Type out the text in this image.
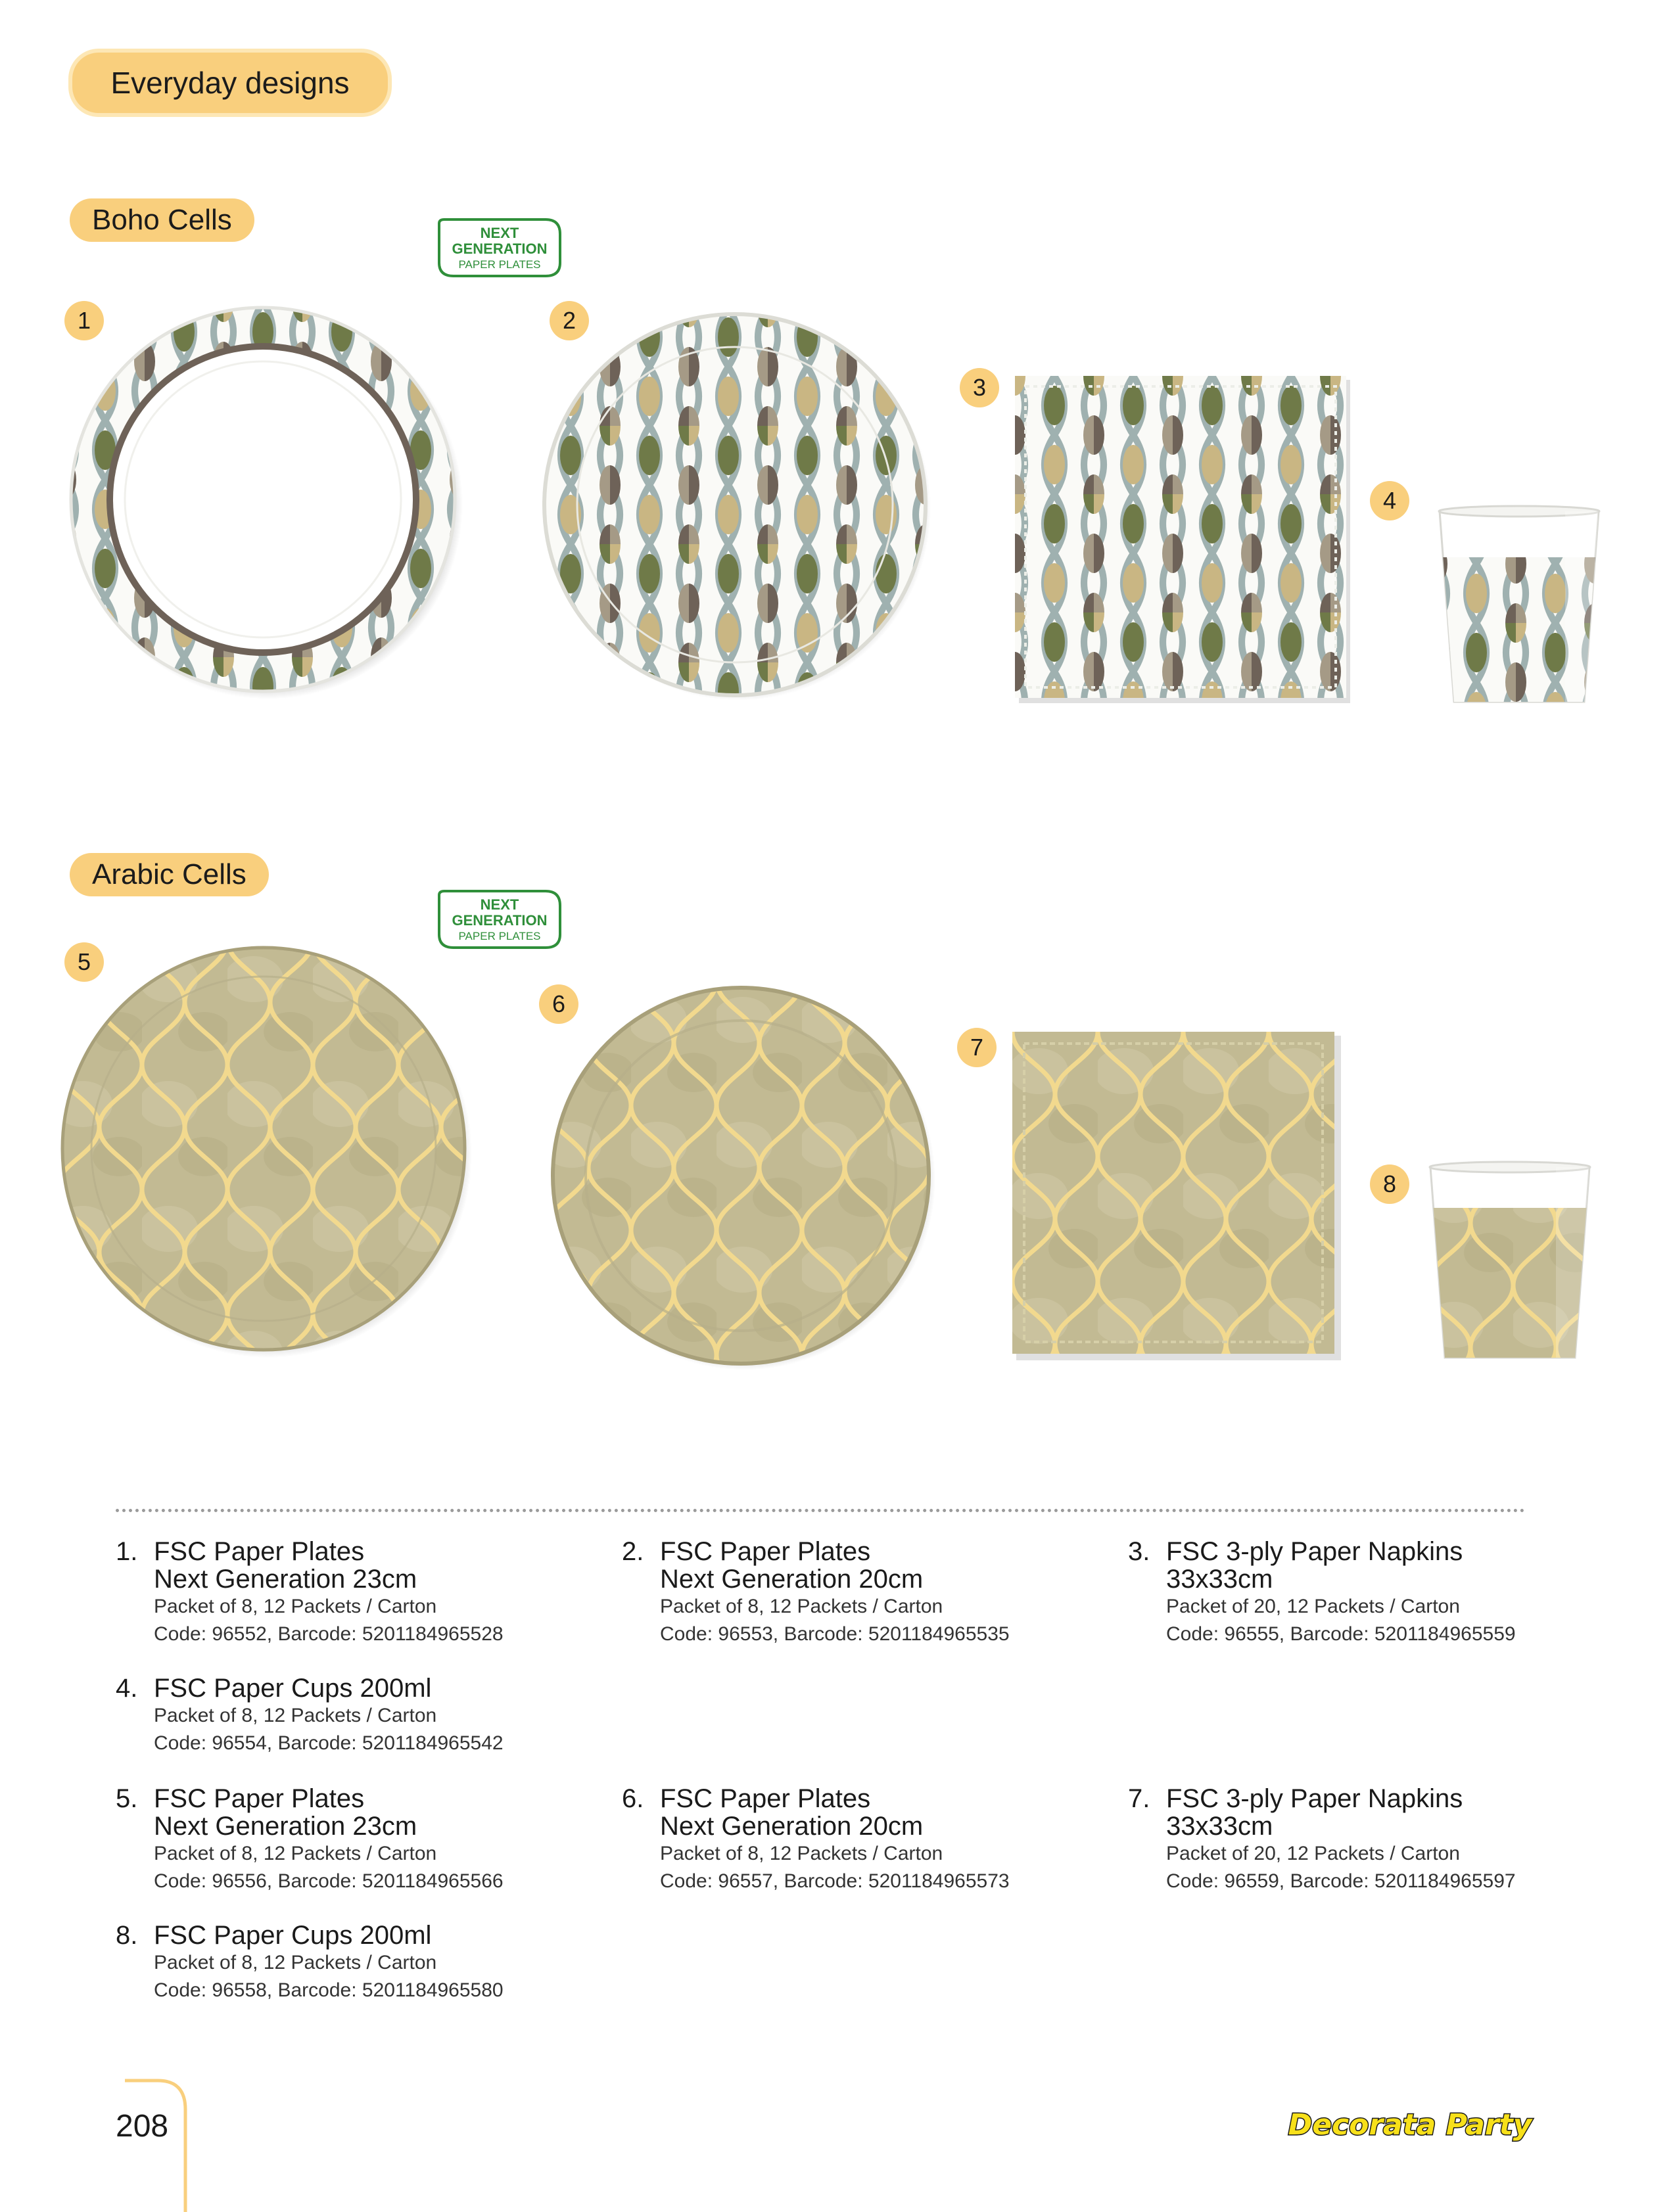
Everyday designs
Boho Cells	NEXT
GENERATION
PAPER PLATES
1	2
3
4
Arabic Cells
NEXT
GENERATION
PAPER PLATES
5
6
7
8
1. FSC Paper Plates
Next Generation 23cm
Packet of 8, 12 Packets / Carton
Code: 96552, Barcode: 5201184965528
2. FSC Paper Plates
Next Generation 20cm
Packet of 8, 12 Packets / Carton
Code: 96553, Barcode: 5201184965535
3. FSC 3-ply Paper Napkins
33x33cm
Packet of 20, 12 Packets / Carton
Code: 96555, Barcode: 5201184965559
4. FSC Paper Cups 200ml
Packet of 8, 12 Packets / Carton
Code: 96554, Barcode: 5201184965542
5. FSC Paper Plates
Next Generation 23cm
Packet of 8, 12 Packets / Carton
Code: 96556, Barcode: 5201184965566
6. FSC Paper Plates
Next Generation 20cm
Packet of 8, 12 Packets / Carton
Code: 96557, Barcode: 5201184965573
7. FSC 3-ply Paper Napkins
33x33cm
Packet of 20, 12 Packets / Carton
Code: 96559, Barcode: 5201184965597
8. FSC Paper Cups 200ml
Packet of 8, 12 Packets / Carton
Code: 96558, Barcode: 5201184965580
208	Decorata Party
